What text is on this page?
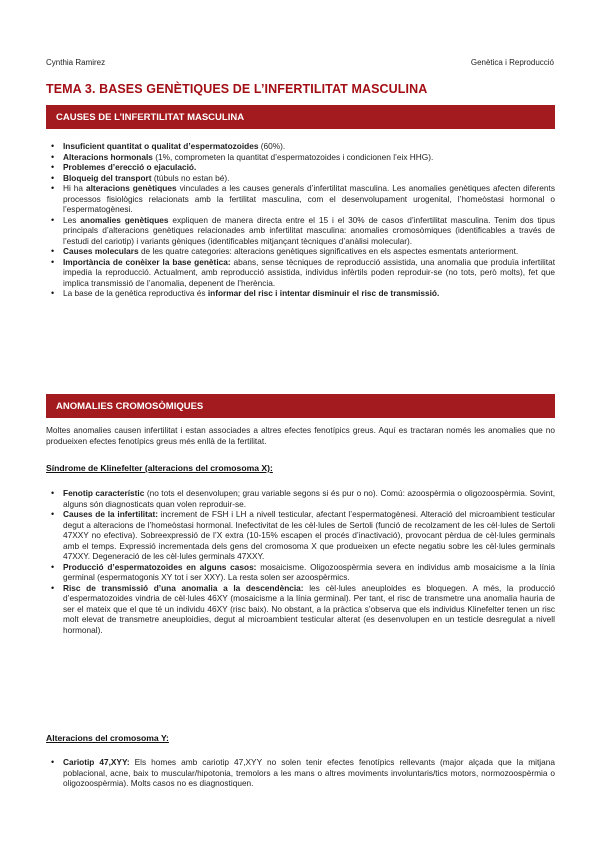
Cynthia Ramirez	Genètica i Reproducció
TEMA 3. BASES GENÈTIQUES DE L’INFERTILITAT MASCULINA
CAUSES DE L’INFERTILITAT MASCULINA
• Insuficient quantitat o qualitat d’espermatozoides (60%).
• Alteracions hormonals (1%, comprometen la quantitat d’espermatozoides i condicionen l’eix HHG).
• Problemes d’erecció o ejaculació.
• Bloqueig del transport (túbuls no estan bé).
• Hi ha alteracions genètiques vinculades a les causes generals d’infertilitat masculina. Les anomalies genètiques afecten diferents processos fisiològics relacionats amb la fertilitat masculina, com el desenvolupament urogenital, l’homeòstasi hormonal o l’espermatogènesi.
• Les anomalies genètiques expliquen de manera directa entre el 15 i el 30% de casos d’infertilitat masculina. Tenim dos tipus principals d’alteracions genètiques relacionades amb infertilitat masculina: anomalies cromosòmiques (identificables a través de l’estudi del cariotip) i variants gèniques (identificables mitjançant tècniques d’anàlisi molecular).
• Causes moleculars de les quatre categories: alteracions genètiques significatives en els aspectes esmentats anteriorment.
• Importància de conèixer la base genètica: abans, sense tècniques de reproducció assistida, una anomalia que produïa infertilitat impedia la reproducció. Actualment, amb reproducció assistida, individus infèrtils poden reproduir-se (no tots, però molts), fet que implica transmissió de l’anomalia, depenent de l’herència.
• La base de la genètica reproductiva és informar del risc i intentar disminuir el risc de transmissió.
ANOMALIES CROMOSÒMIQUES

Moltes anomalies causen infertilitat i estan associades a altres efectes fenotípics greus. Aquí es tractaran només les anomalies que no produeixen efectes fenotípics greus més enllà de la fertilitat.

Síndrome de Klinefelter (alteracions del cromosoma X):
• Fenotip característic (no tots el desenvolupen; grau variable segons si és pur o no). Comú: azoospèrmia o oligozoospèrmia. Sovint, alguns són diagnosticats quan volen reproduir-se.
• Causes de la infertilitat: increment de FSH i LH a nivell testicular, afectant l’espermatogènesi. Alteració del microambient testicular degut a alteracions de l’homeòstasi hormonal. Inefectivitat de les cèl·lules de Sertoli (funció de recolzament de les cèl·lules de Sertoli 47XXY no efectiva). Sobreexpressió de l’X extra (10-15% escapen el procés d’inactivació), provocant pèrdua de cèl·lules germinals amb el temps. Expressió incrementada dels gens del cromosoma X que produeixen un efecte negatiu sobre les cèl·lules germinals 47XXY. Degeneració de les cèl·lules germinals 47XXY.
• Producció d’espermatozoides en alguns casos: mosaicisme. Oligozoospèrmia severa en individus amb mosaicisme a la línia germinal (espermatogonis XY tot i ser XXY). La resta solen ser azoospèrmics.
• Risc de transmissió d’una anomalia a la descendència: les cèl·lules aneuploides es bloquegen. A més, la producció d’espermatozoides vindria de cèl·lules 46XY (mosaicisme a la línia germinal). Per tant, el risc de transmetre una anomalia hauria de ser el mateix que el que té un individu 46XY (risc baix). No obstant, a la pràctica s’observa que els individus Klinefelter tenen un risc molt elevat de transmetre aneuploidies, degut al microambient testicular alterat (es desenvolupen en un testicle desregulat a nivell hormonal).
Alteracions del cromosoma Y:
• Cariotip 47,XYY: Els homes amb cariotip 47,XYY no solen tenir efectes fenotípics rellevants (major alçada que la mitjana poblacional, acne, baix to muscular/hipotonia, tremolors a les mans o altres moviments involuntaris/tics motors, normozoospèrmia o oligozoospèrmia). Molts casos no es diagnostiquen.
